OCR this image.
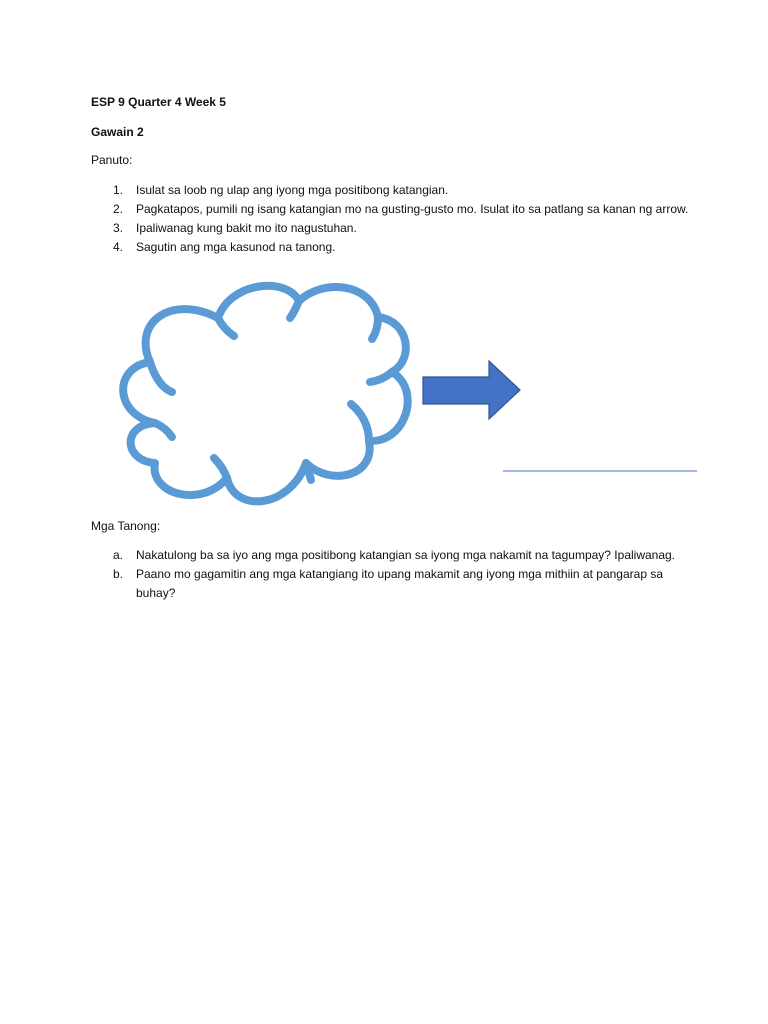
ESP 9 Quarter 4 Week 5
Gawain 2
Panuto:
1. Isulat sa loob ng ulap ang iyong mga positibong katangian.
2. Pagkatapos, pumili ng isang katangian mo na gusting-gusto mo. Isulat ito sa patlang sa kanan ng arrow.
3. Ipaliwanag kung bakit mo ito nagustuhan.
4. Sagutin ang mga kasunod na tanong.
Mga Tanong:
a. Nakatulong ba sa iyo ang mga positibong katangian sa iyong mga nakamit na tagumpay? Ipaliwanag.
b. Paano mo gagamitin ang mga katangiang ito upang makamit ang iyong mga mithiin at pangarap sa buhay?
